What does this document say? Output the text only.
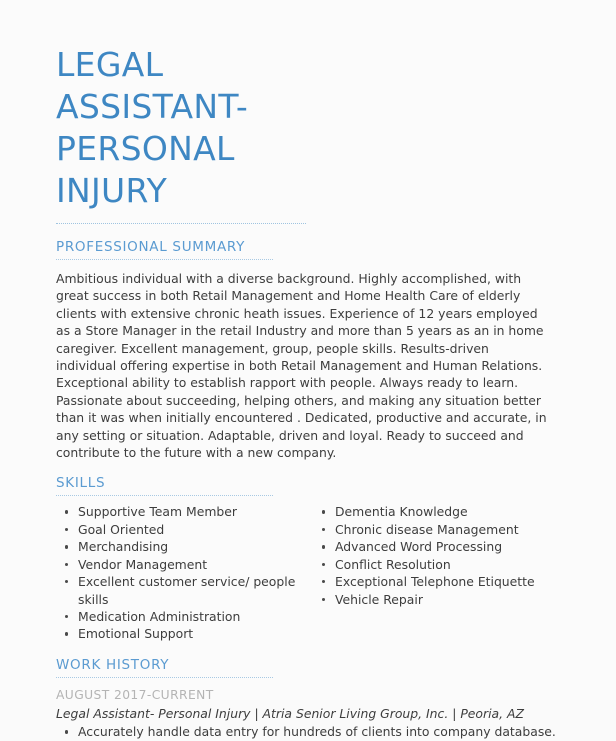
LEGAL ASSISTANT- PERSONAL INJURY
PROFESSIONAL SUMMARY

Ambitious individual with a diverse background. Highly accomplished, with great success in both Retail Management and Home Health Care of elderly clients with extensive chronic heath issues. Experience of 12 years employed as a Store Manager in the retail Industry and more than 5 years as an in home caregiver. Excellent management, group, people skills. Results-driven individual offering expertise in both Retail Management and Human Relations. Exceptional ability to establish rapport with people. Always ready to learn. Passionate about succeeding, helping others, and making any situation better than it was when initially encountered . Dedicated, productive and accurate, in any setting or situation. Adaptable, driven and loyal. Ready to succeed and contribute to the future with a new company.

SKILLS
Supportive Team Member
Goal Oriented
Merchandising
Vendor Management
Excellent customer service/ people skills
Medication Administration
Emotional Support
Dementia Knowledge
Chronic disease Management
Advanced Word Processing
Conflict Resolution
Exceptional Telephone Etiquette
Vehicle Repair
WORK HISTORY

AUGUST 2017-CURRENT

Legal Assistant- Personal Injury | Atria Senior Living Group, Inc. | Peoria, AZ

Accurately handle data entry for hundreds of clients into company database.
